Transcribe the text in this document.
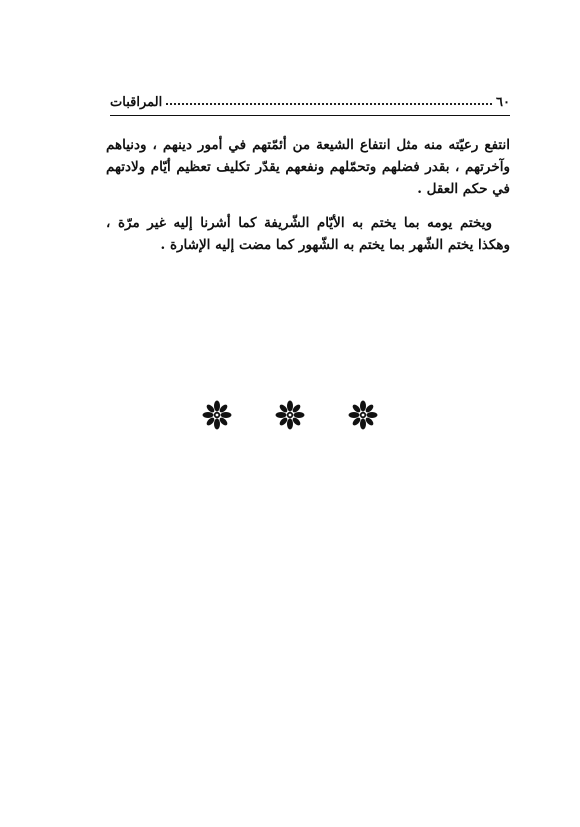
٦٠
المراقبات

انتفع رعيّته منه مثل انتفاع الشيعة من أئمّتهم في أمور دينهم ، ودنياهم وآخرتهم ، بقدر فضلهم وتحمّلهم ونفعهم يقدّر تكليف تعظيم أيّام ولادتهم في حكم العقل .

ويختم يومه بما يختم به الأيّام الشّريفة كما أشرنا إليه غير مرّة ، وهكذا يختم الشّهر بما يختم به الشّهور كما مضت إليه الإشارة .
